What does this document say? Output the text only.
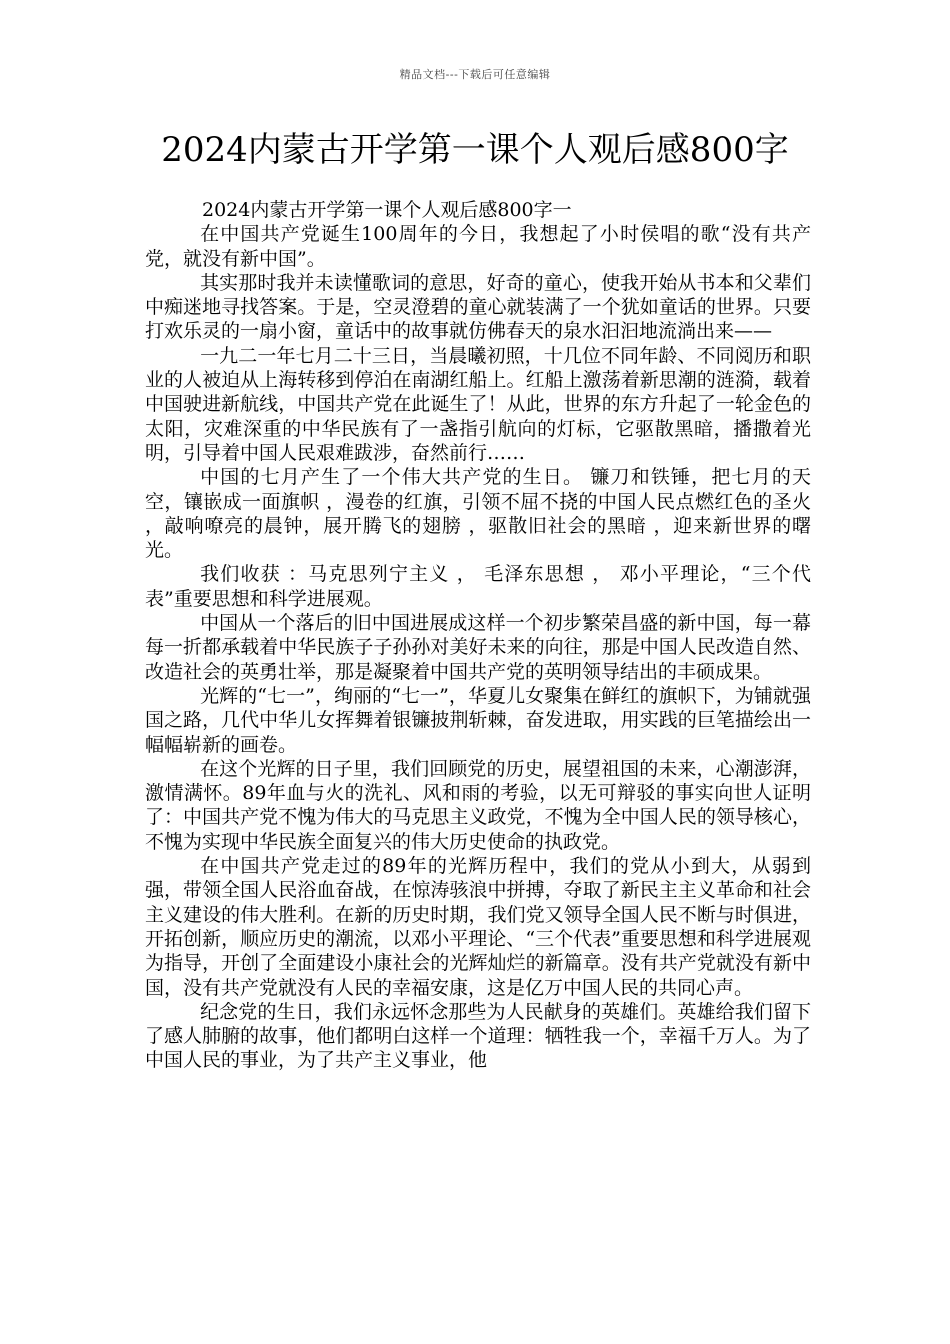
精品文档---下载后可任意编辑
2024内蒙古开学第一课个人观后感800字

2024内蒙古开学第一课个人观后感800字一

在中国共产党诞生100周年的今日，我想起了小时侯唱的歌“没有共产党，就没有新中国”。

其实那时我并未读懂歌词的意思，好奇的童心，使我开始从书本和父辈们中痴迷地寻找答案。于是，空灵澄碧的童心就装满了一个犹如童话的世界。只要打欢乐灵的一扇小窗，童话中的故事就仿佛春天的泉水汩汩地流淌出来——

一九二一年七月二十三日，当晨曦初照，十几位不同年龄、不同阅历和职业的人被迫从上海转移到停泊在南湖红船上。红船上激荡着新思潮的涟漪，载着中国驶进新航线，中国共产党在此诞生了！从此，世界的东方升起了一轮金色的太阳，灾难深重的中华民族有了一盏指引航向的灯标，它驱散黑暗，播撒着光明，引导着中国人民艰难跋涉，奋然前行……

中国的七月产生了一个伟大共产党的生日。 镰刀和铁锤，把七月的天空，镶嵌成一面旗帜 ，漫卷的红旗，引领不屈不挠的中国人民点燃红色的圣火 ，敲响嘹亮的晨钟，展开腾飞的翅膀 ，驱散旧社会的黑暗 ，迎来新世界的曙光。

我们收获 ：马克思列宁主义 ， 毛泽东思想 ， 邓小平理论，“三个代表”重要思想和科学进展观。

中国从一个落后的旧中国进展成这样一个初步繁荣昌盛的新中国，每一幕每一折都承载着中华民族子子孙孙对美好未来的向往，那是中国人民改造自然、改造社会的英勇壮举，那是凝聚着中国共产党的英明领导结出的丰硕成果。

光辉的“七一”，绚丽的“七一”，华夏儿女聚集在鲜红的旗帜下，为铺就强国之路，几代中华儿女挥舞着银镰披荆斩棘，奋发进取，用实践的巨笔描绘出一幅幅崭新的画卷。

在这个光辉的日子里，我们回顾党的历史，展望祖国的未来，心潮澎湃，激情满怀。89年血与火的洗礼、风和雨的考验，以无可辩驳的事实向世人证明了：中国共产党不愧为伟大的马克思主义政党，不愧为全中国人民的领导核心，不愧为实现中华民族全面复兴的伟大历史使命的执政党。

在中国共产党走过的89年的光辉历程中，我们的党从小到大，从弱到强，带领全国人民浴血奋战，在惊涛骇浪中拼搏，夺取了新民主主义革命和社会主义建设的伟大胜利。在新的历史时期，我们党又领导全国人民不断与时俱进，开拓创新，顺应历史的潮流，以邓小平理论、“三个代表”重要思想和科学进展观为指导，开创了全面建设小康社会的光辉灿烂的新篇章。没有共产党就没有新中国，没有共产党就没有人民的幸福安康，这是亿万中国人民的共同心声。

纪念党的生日，我们永远怀念那些为人民献身的英雄们。英雄给我们留下了感人肺腑的故事，他们都明白这样一个道理：牺牲我一个，幸福千万人。为了中国人民的事业，为了共产主义事业，他
